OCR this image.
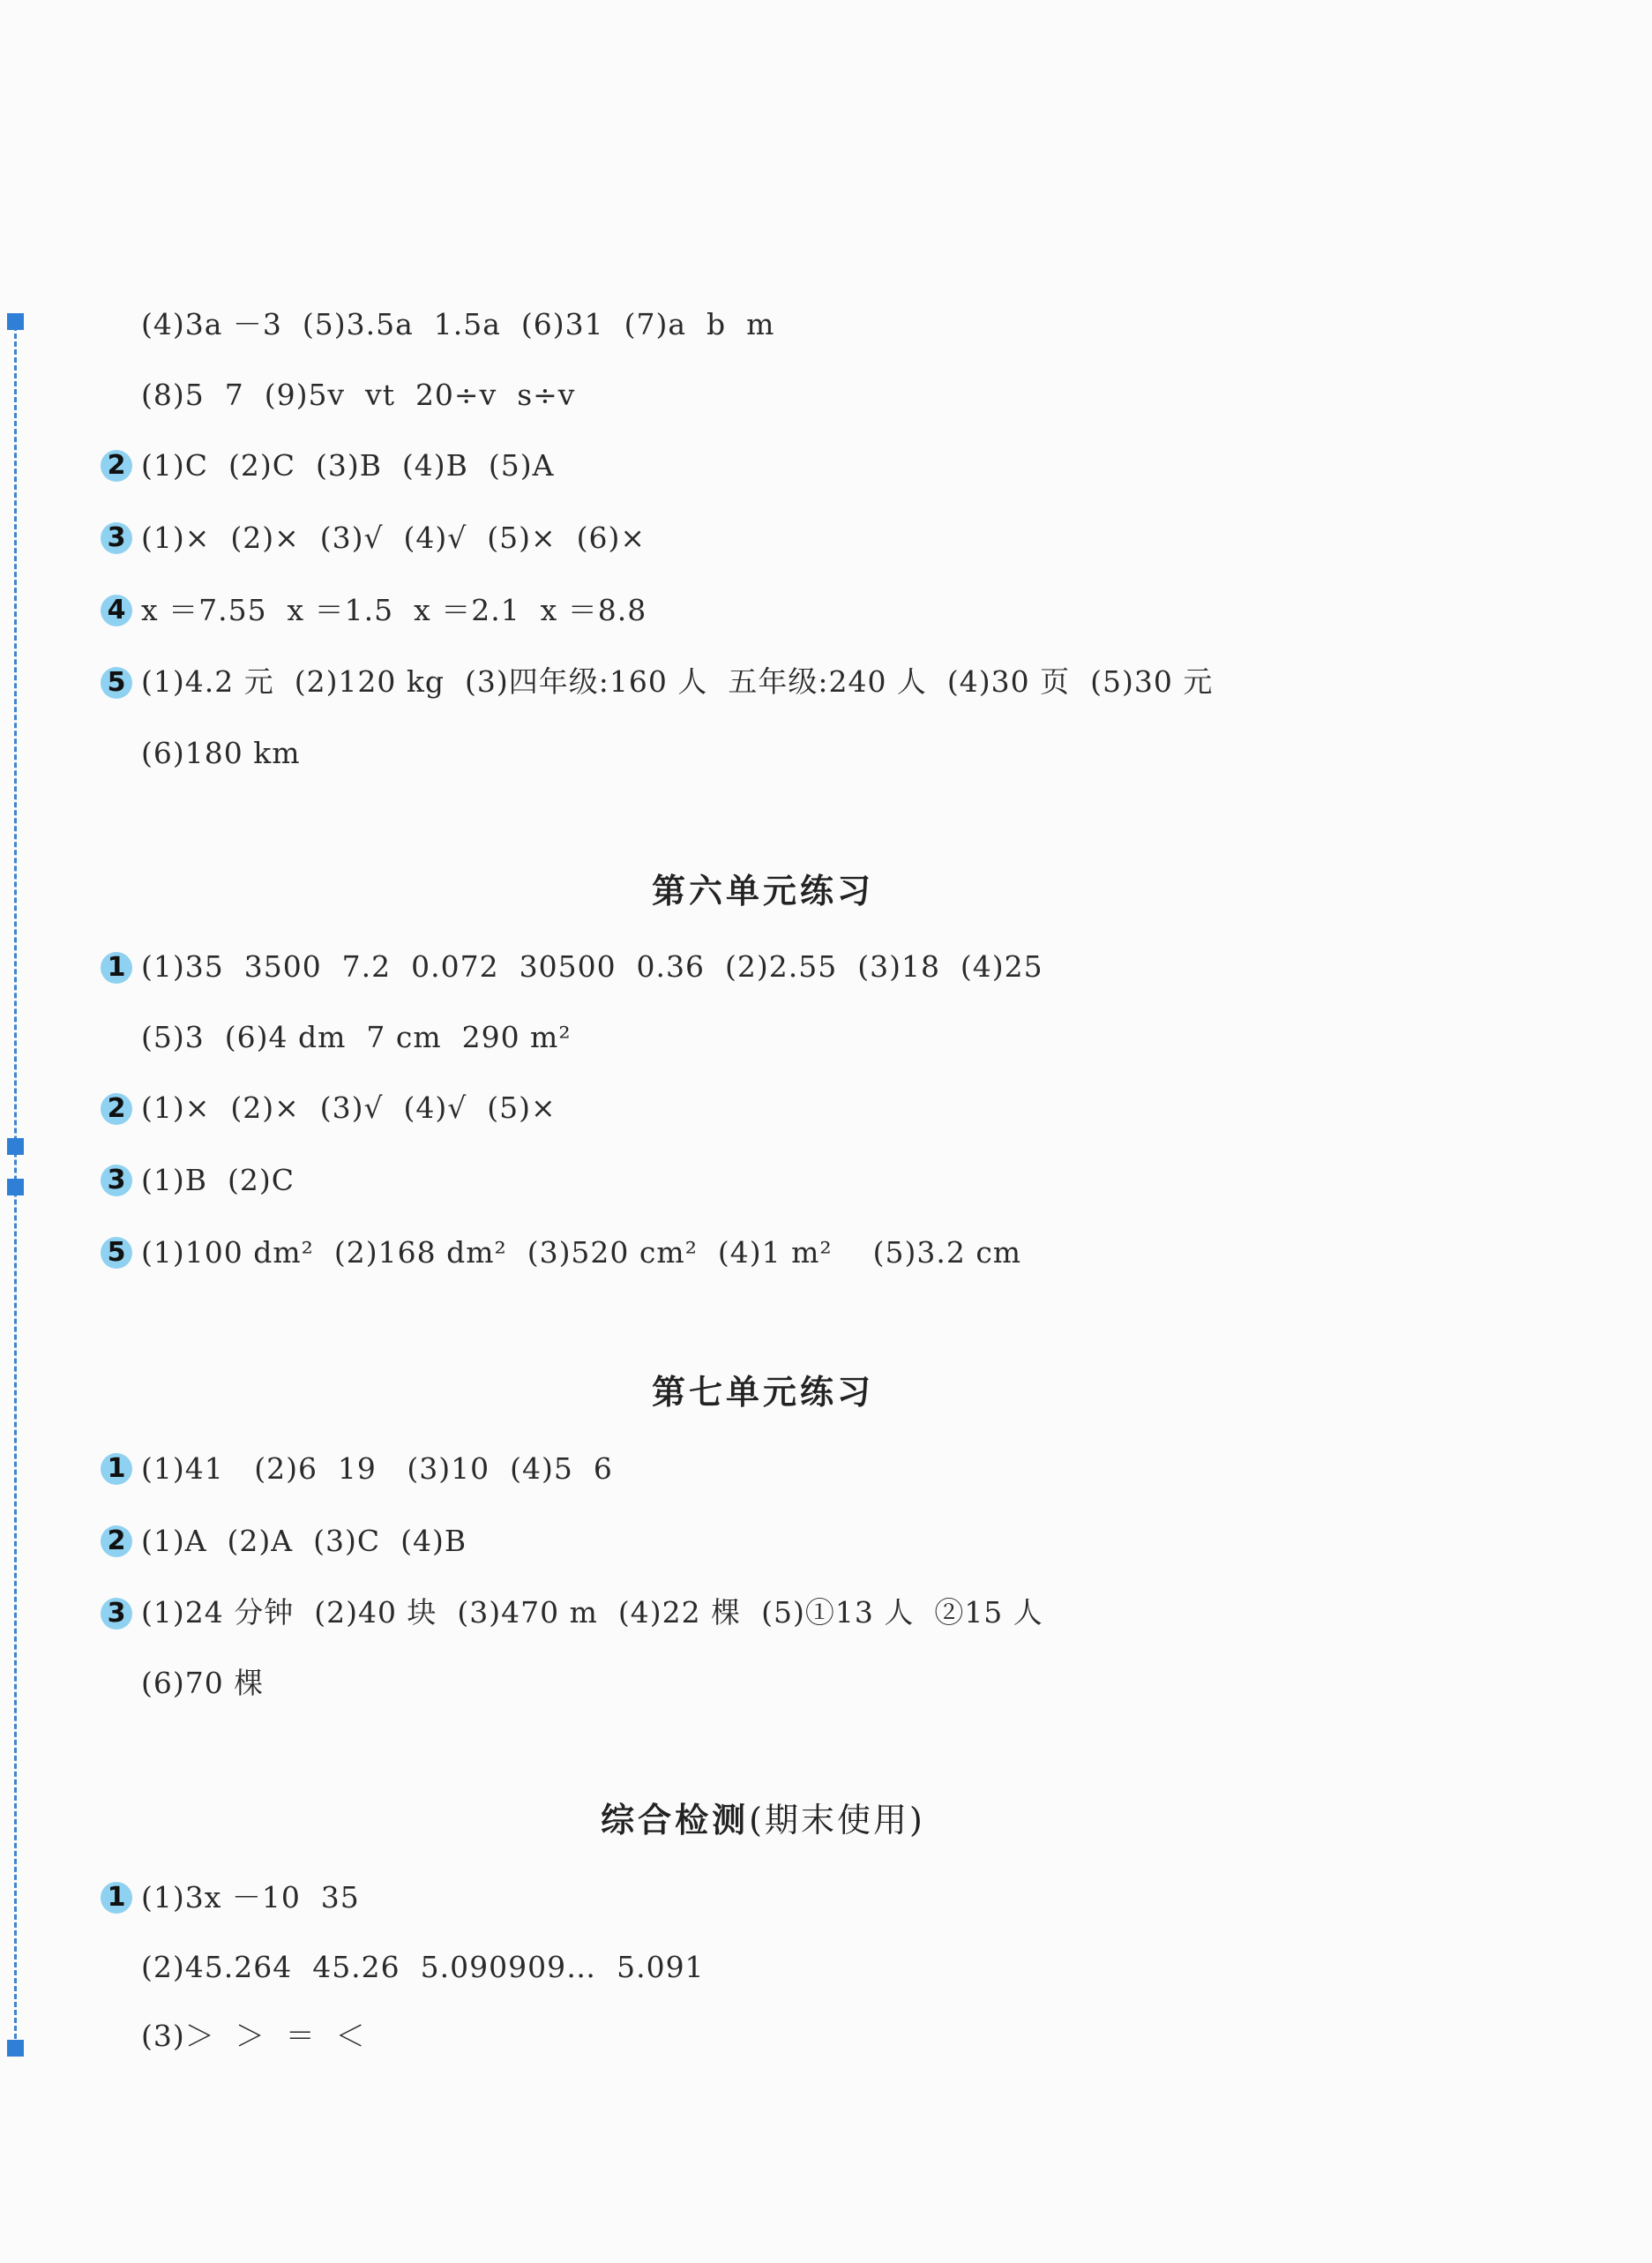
(4)3a －3  (5)3.5a  1.5a  (6)31  (7)a  b  m
(8)5  7  (9)5v  vt  20÷v  s÷v
2 (1)C  (2)C  (3)B  (4)B  (5)A
3 (1)×  (2)×  (3)√  (4)√  (5)×  (6)×
4 x ＝7.55  x ＝1.5  x ＝2.1  x ＝8.8
5 (1)4.2 元  (2)120 kg  (3)四年级:160 人  五年级:240 人  (4)30 页  (5)30 元
(6)180 km
第六单元练习
1 (1)35  3500  7.2  0.072  30500  0.36  (2)2.55  (3)18  (4)25
(5)3  (6)4 dm  7 cm  290 m²
2 (1)×  (2)×  (3)√  (4)√  (5)×
3 (1)B  (2)C
5 (1)100 dm²  (2)168 dm²  (3)520 cm²  (4)1 m²    (5)3.2 cm
第七单元练习
1 (1)41   (2)6  19   (3)10  (4)5  6
2 (1)A  (2)A  (3)C  (4)B
3 (1)24 分钟  (2)40 块  (3)470 m  (4)22 棵  (5)①13 人  ②15 人
(6)70 棵
综合检测(期末使用)
1 (1)3x －10  35
(2)45.264  45.26  5.090909…  5.091
(3)＞  ＞  ＝  ＜
